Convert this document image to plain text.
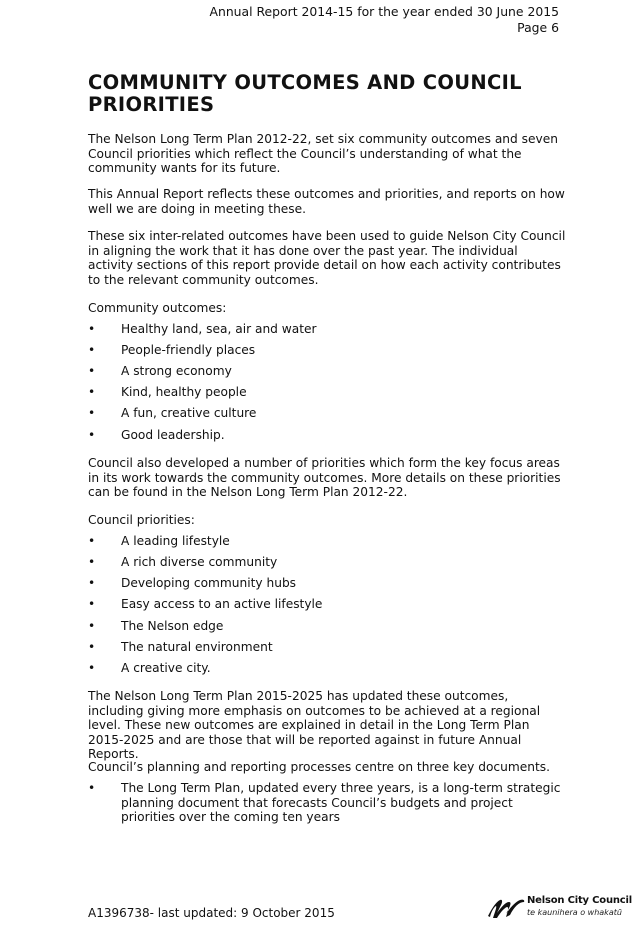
Annual Report 2014-15 for the year ended 30 June 2015
Page 6
COMMUNITY OUTCOMES AND COUNCIL PRIORITIES
The Nelson Long Term Plan 2012-22, set six community outcomes and seven Council priorities which reflect the Council’s understanding of what the community wants for its future.
This Annual Report reflects these outcomes and priorities, and reports on how well we are doing in meeting these.
These six inter-related outcomes have been used to guide Nelson City Council in aligning the work that it has done over the past year. The individual activity sections of this report provide detail on how each activity contributes to the relevant community outcomes.
Community outcomes:
• Healthy land, sea, air and water
• People-friendly places
• A strong economy
• Kind, healthy people
• A fun, creative culture
• Good leadership.
Council also developed a number of priorities which form the key focus areas in its work towards the community outcomes. More details on these priorities can be found in the Nelson Long Term Plan 2012-22.
Council priorities:
• A leading lifestyle
• A rich diverse community
• Developing community hubs
• Easy access to an active lifestyle
• The Nelson edge
• The natural environment
• A creative city.
The Nelson Long Term Plan 2015-2025 has updated these outcomes, including giving more emphasis on outcomes to be achieved at a regional level. These new outcomes are explained in detail in the Long Term Plan 2015-2025 and are those that will be reported against in future Annual Reports.
Council’s planning and reporting processes centre on three key documents.
• The Long Term Plan, updated every three years, is a long-term strategic planning document that forecasts Council’s budgets and project priorities over the coming ten years
A1396738- last updated: 9 October 2015
Nelson City Council
te kaunihera o whakatū
